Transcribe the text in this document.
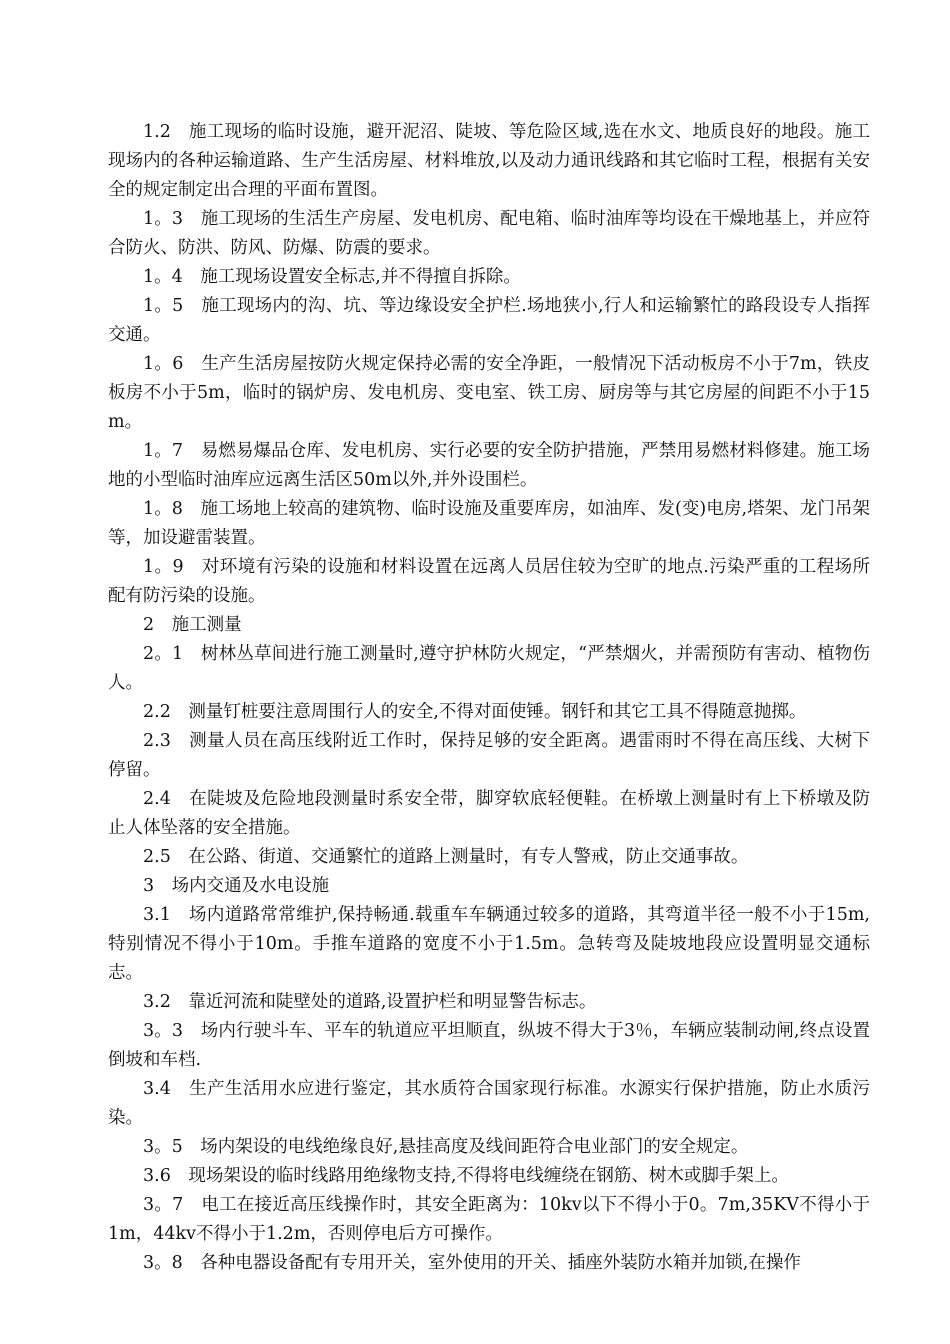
1.2　施工现场的临时设施，避开泥沼、陡坡、等危险区域,选在水文、地质良好的地段。施工现场内的各种运输道路、生产生活房屋、材料堆放,以及动力通讯线路和其它临时工程，根据有关安全的规定制定出合理的平面布置图。

1。3　施工现场的生活生产房屋、发电机房、配电箱、临时油库等均设在干燥地基上，并应符合防火、防洪、防风、防爆、防震的要求。

1。4　施工现场设置安全标志,并不得擅自拆除。

1。5　施工现场内的沟、坑、等边缘设安全护栏.场地狭小,行人和运输繁忙的路段设专人指挥交通。

1。6　生产生活房屋按防火规定保持必需的安全净距，一般情况下活动板房不小于7m，铁皮板房不小于5m，临时的锅炉房、发电机房、变电室、铁工房、厨房等与其它房屋的间距不小于15m。

1。7　易燃易爆品仓库、发电机房、实行必要的安全防护措施，严禁用易燃材料修建。施工场地的小型临时油库应远离生活区50m以外,并外设围栏。

1。8　施工场地上较高的建筑物、临时设施及重要库房，如油库、发(变)电房,塔架、龙门吊架等，加设避雷装置。

1。9　对环境有污染的设施和材料设置在远离人员居住较为空旷的地点.污染严重的工程场所配有防污染的设施。

2　施工测量

2。1　树林丛草间进行施工测量时,遵守护林防火规定，“严禁烟火，并需预防有害动、植物伤人。

2.2　测量钉桩要注意周围行人的安全,不得对面使锤。钢钎和其它工具不得随意抛掷。

2.3　测量人员在高压线附近工作时，保持足够的安全距离。遇雷雨时不得在高压线、大树下停留。

2.4　在陡坡及危险地段测量时系安全带，脚穿软底轻便鞋。在桥墩上测量时有上下桥墩及防止人体坠落的安全措施。

2.5　在公路、街道、交通繁忙的道路上测量时，有专人警戒，防止交通事故。

3　场内交通及水电设施

3.1　场内道路常常维护,保持畅通.载重车车辆通过较多的道路，其弯道半径一般不小于15m,特别情况不得小于10m。手推车道路的宽度不小于1.5m。急转弯及陡坡地段应设置明显交通标志。

3.2　靠近河流和陡壁处的道路,设置护栏和明显警告标志。

3。3　场内行驶斗车、平车的轨道应平坦顺直，纵坡不得大于3％，车辆应装制动闸,终点设置倒坡和车档.

3.4　生产生活用水应进行鉴定，其水质符合国家现行标准。水源实行保护措施，防止水质污染。

3。5　场内架设的电线绝缘良好,悬挂高度及线间距符合电业部门的安全规定。

3.6　现场架设的临时线路用绝缘物支持,不得将电线缠绕在钢筋、树木或脚手架上。

3。7　电工在接近高压线操作时，其安全距离为：10kv以下不得小于0。7m,35KV不得小于1m，44kv不得小于1.2m，否则停电后方可操作。

3。8　各种电器设备配有专用开关，室外使用的开关、插座外装防水箱并加锁,在操作
